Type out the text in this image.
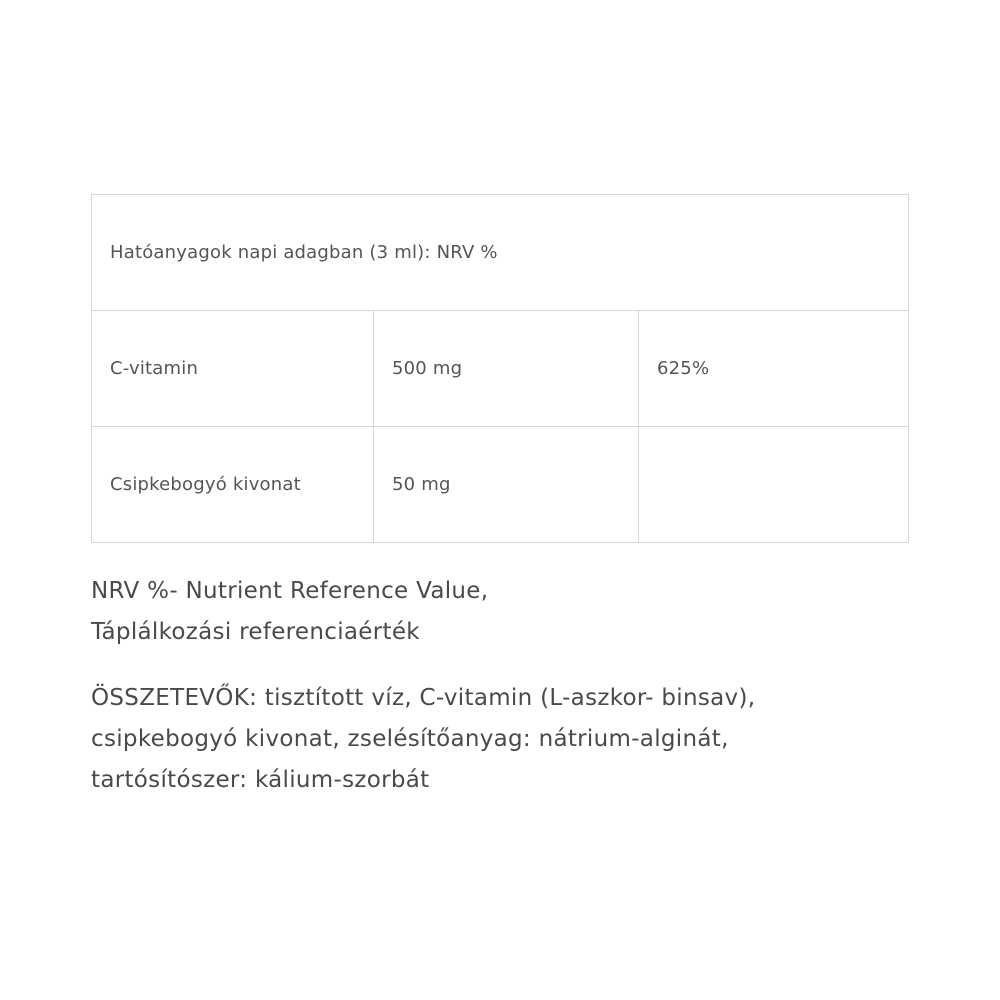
Hatóanyagok napi adagban (3 ml): NRV %		
C-vitamin	500 mg	625%
Csipkebogyó kivonat	50 mg	

NRV %- Nutrient Reference Value,

Táplálkozási referenciaérték

ÖSSZETEVŐK: tisztított víz, C-vitamin (L-aszkor- binsav),

csipkebogyó kivonat, zselésítőanyag: nátrium-alginát,

tartósítószer: kálium-szorbát
